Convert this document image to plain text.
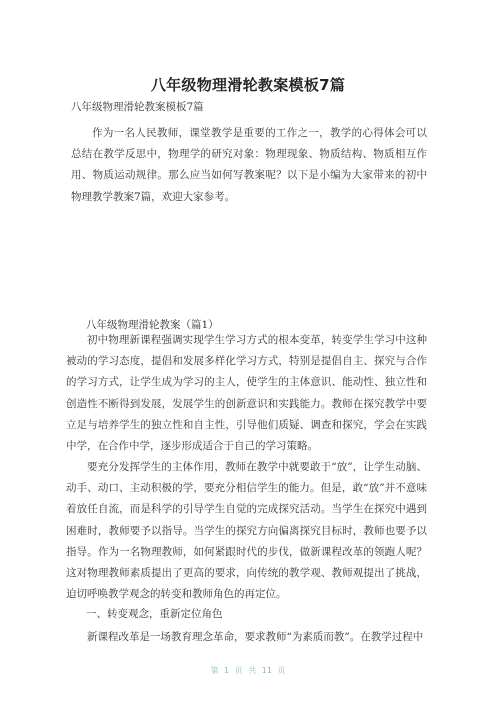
八年级物理滑轮教案模板7篇
八年级物理滑轮教案模板7篇

作为一名人民教师，课堂教学是重要的工作之一，教学的心得体会可以总结在教学反思中，物理学的研究对象：物理现象、物质结构、物质相互作用、物质运动规律。那么应当如何写教案呢？以下是小编为大家带来的初中物理教学教案7篇，欢迎大家参考。

八年级物理滑轮教案（篇1）

初中物理新课程强调实现学生学习方式的根本变革，转变学生学习中这种被动的学习态度，提倡和发展多样化学习方式，特别是提倡自主、探究与合作的学习方式，让学生成为学习的主人，使学生的主体意识、能动性、独立性和创造性不断得到发展，发展学生的创新意识和实践能力。教师在探究教学中要立足与培养学生的独立性和自主性，引导他们质疑、调查和探究，学会在实践中学，在合作中学，逐步形成适合于自己的学习策略。

要充分发挥学生的主体作用，教师在教学中就要敢于“放”，让学生动脑、动手、动口、主动积极的学，要充分相信学生的能力。但是，敢“放”并不意味着放任自流，而是科学的引导学生自觉的完成探究活动。当学生在探究中遇到困难时，教师要予以指导。当学生的探究方向偏离探究目标时，教师也要予以指导。作为一名物理教师，如何紧跟时代的步伐，做新课程改革的领跑人呢？这对物理教师素质提出了更高的要求，向传统的教学观、教师观提出了挑战，迫切呼唤教学观念的转变和教师角色的再定位。

一、转变观念，重新定位角色

新课程改革是一场教育理念革命，要求教师“为素质而教”。在教学过程中

第 1 页 共 11 页
